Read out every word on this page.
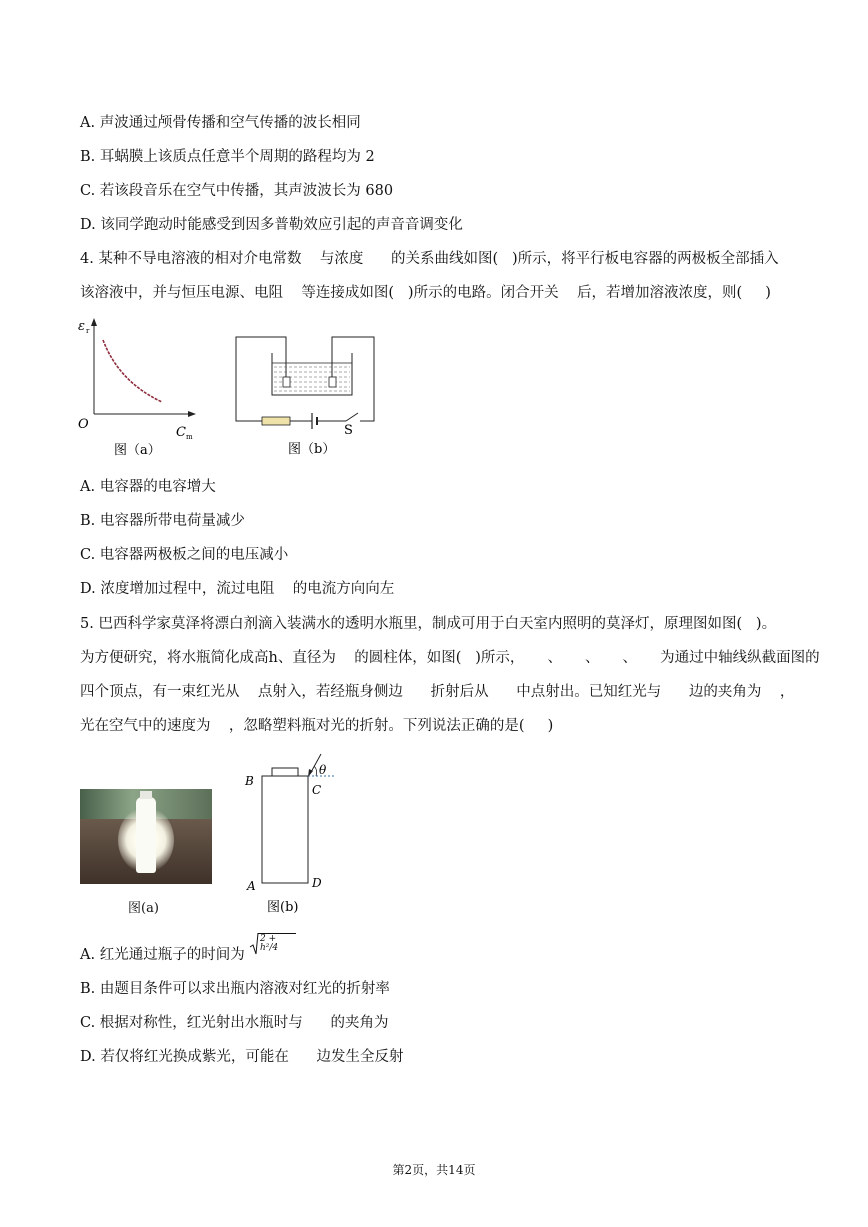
A. 声波通过颅骨传播和空气传播的波长相同
B. 耳蜗膜上该质点任意半个周期的路程均为 2
C. 若该段音乐在空气中传播，其声波波长为 680
D. 该同学跑动时能感受到因多普勒效应引起的声音音调变化
4. 某种不导电溶液的相对介电常数    与浓度      的关系曲线如图(   )所示，将平行板电容器的两极板全部插入
该溶液中，并与恒压电源、电阻    等连接成如图(   )所示的电路。闭合开关    后，若增加溶液浓度，则(     )
ε r
O
C m
图（a）
S
图（b）
A. 电容器的电容增大
B. 电容器所带电荷量减少
C. 电容器两极板之间的电压减小
D. 浓度增加过程中，流过电阻    的电流方向向左
5. 巴西科学家莫泽将漂白剂滴入装满水的透明水瓶里，制成可用于白天室内照明的莫泽灯，原理图如图(   )。
为方便研究，将水瓶简化成高h、直径为    的圆柱体，如图(   )所示，     、     、     、     为通过中轴线纵截面图的
四个顶点，有一束红光从    点射入，若经瓶身侧边      折射后从      中点射出。已知红光与      边的夹角为    ，
光在空气中的速度为    ，忽略塑料瓶对光的折射。下列说法正确的是(     )
图(a)
θ
B
C
A	D
图(b)
A. 红光通过瓶子的时间为
2 + h²/4
B. 由题目条件可以求出瓶内溶液对红光的折射率
C. 根据对称性，红光射出水瓶时与      的夹角为
D. 若仅将红光换成紫光，可能在      边发生全反射
第2页，共14页
